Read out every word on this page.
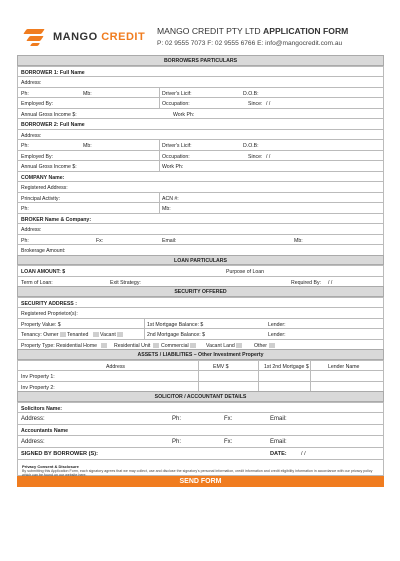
MANGO CREDIT MANGO CREDIT PTY LTD APPLICATION FORM
P: 02 9555 7073 F: 02 9555 6766 E: info@mangocredit.com.au
BORROWERS PARTICULARS
BORROWER 1: Full Name
Address:
Ph:	Mb:	Driver's Licif:	D.O.B:
Employed By:	Occupation:	Since: / /
Annual Gross Income $:	Work Ph:
BORROWER 2: Full Name
Address:
Ph:	Mb:	Driver's Licif:	D.O.B:
Employed By:	Occupation:	Since: / /
Annual Gross Income $:	Work Ph:
COMPANY Name:
Registered Address:
Principal Activity:	ACN #:
Ph:	Mb:
BROKER Name & Company:
Address:
Ph:	Fx:	Email:	Mb:
Brokerage Amount:
LOAN PARTICULARS
LOAN AMOUNT: $	Purpose of Loan
Term of Loan:	Exit Strategy:	Required By: / /
SECURITY OFFERED
SECURITY ADDRESS :
Registered Proprietor(s):
Property Value: $	1st Mortgage Balance: $	Lender:
Tenancy: Owner Tenanted Vacant	2nd Mortgage Balance: $	Lender:
Property Type: Residential Home	Residential Unit Commercial	Vacant Land	Other
ASSETS / LIABILITIES – Other Investment Property
Address	EMV $	1st 2nd Mortgage $	Lender Name
Inv Property 1:
Inv Property 2:
SOLICITOR / ACCOUNTANT DETAILS
Solicitors Name:
Address:	Ph:	Fx:	Email:
Accountants Name
Address:	Ph:	Fx:	Email:
SIGNED BY BORROWER (S):	DATE:	/ /
Privacy Consent & Disclosure
By submitting this Application Form, each signatory agrees that we may collect, use and disclose the signatory's personal information, credit information and credit eligibility information in accordance with our privacy policy which can be found on our website here.
SEND FORM
